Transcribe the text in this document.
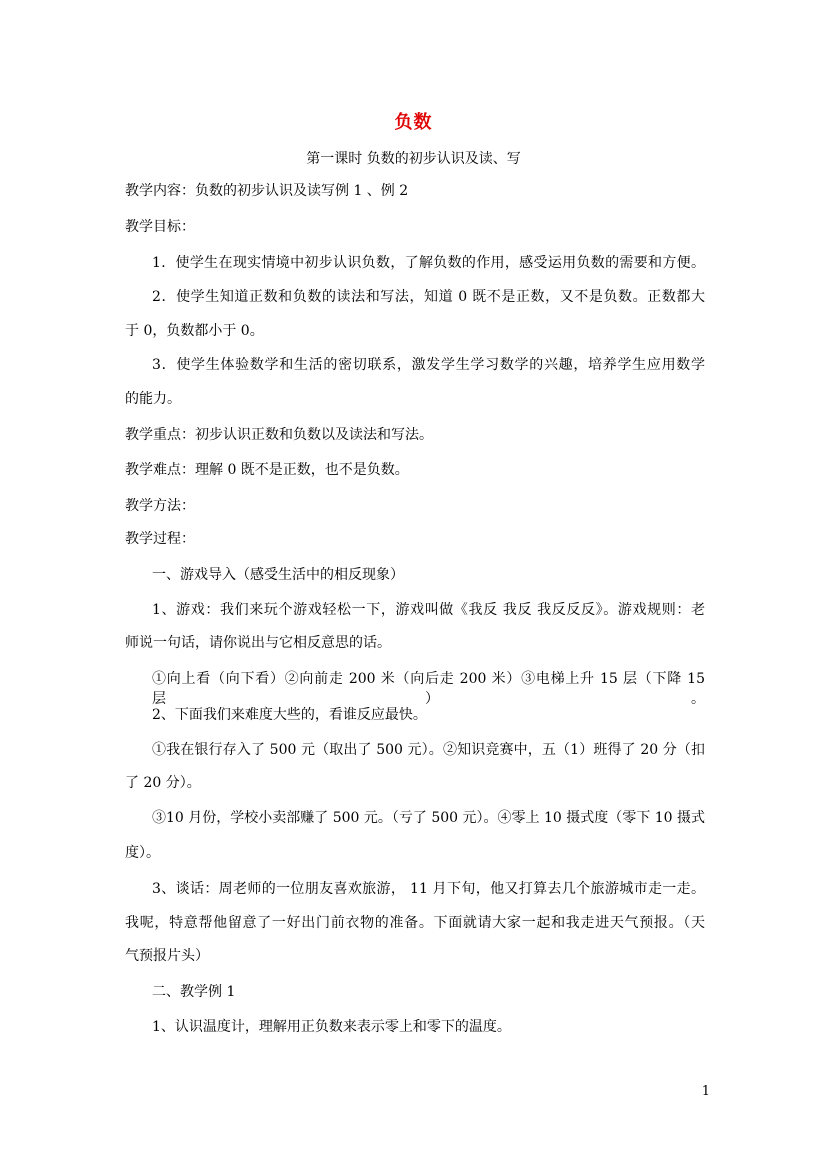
负数
第一课时 负数的初步认识及读、写
教学内容：负数的初步认识及读写例 1 、例 2
教学目标：
1．使学生在现实情境中初步认识负数，了解负数的作用，感受运用负数的需要和方便。
2．使学生知道正数和负数的读法和写法，知道 0 既不是正数，又不是负数。正数都大
于 0，负数都小于 0。
3．使学生体验数学和生活的密切联系，激发学生学习数学的兴趣，培养学生应用数学
的能力。
教学重点：初步认识正数和负数以及读法和写法。
教学难点：理解 0 既不是正数，也不是负数。
教学方法：
教学过程：
一、游戏导入（感受生活中的相反现象）
1、游戏：我们来玩个游戏轻松一下，游戏叫做《我反 我反 我反反反》。游戏规则：老
师说一句话，请你说出与它相反意思的话。
①向上看（向下看）②向前走 200 米（向后走 200 米）③电梯上升 15 层（下降 15 层）。
2、下面我们来难度大些的，看谁反应最快。
①我在银行存入了 500 元（取出了 500 元）。②知识竞赛中，五（1）班得了 20 分（扣
了 20 分）。
③10 月份，学校小卖部赚了 500 元。（亏了 500 元）。④零上 10 摄式度（零下 10 摄式
度）。
3、谈话：周老师的一位朋友喜欢旅游， 11 月下旬，他又打算去几个旅游城市走一走。
我呢，特意帮他留意了一好出门前衣物的准备。下面就请大家一起和我走进天气预报。（天
气预报片头）
二、教学例 1
1、认识温度计，理解用正负数来表示零上和零下的温度。
1
